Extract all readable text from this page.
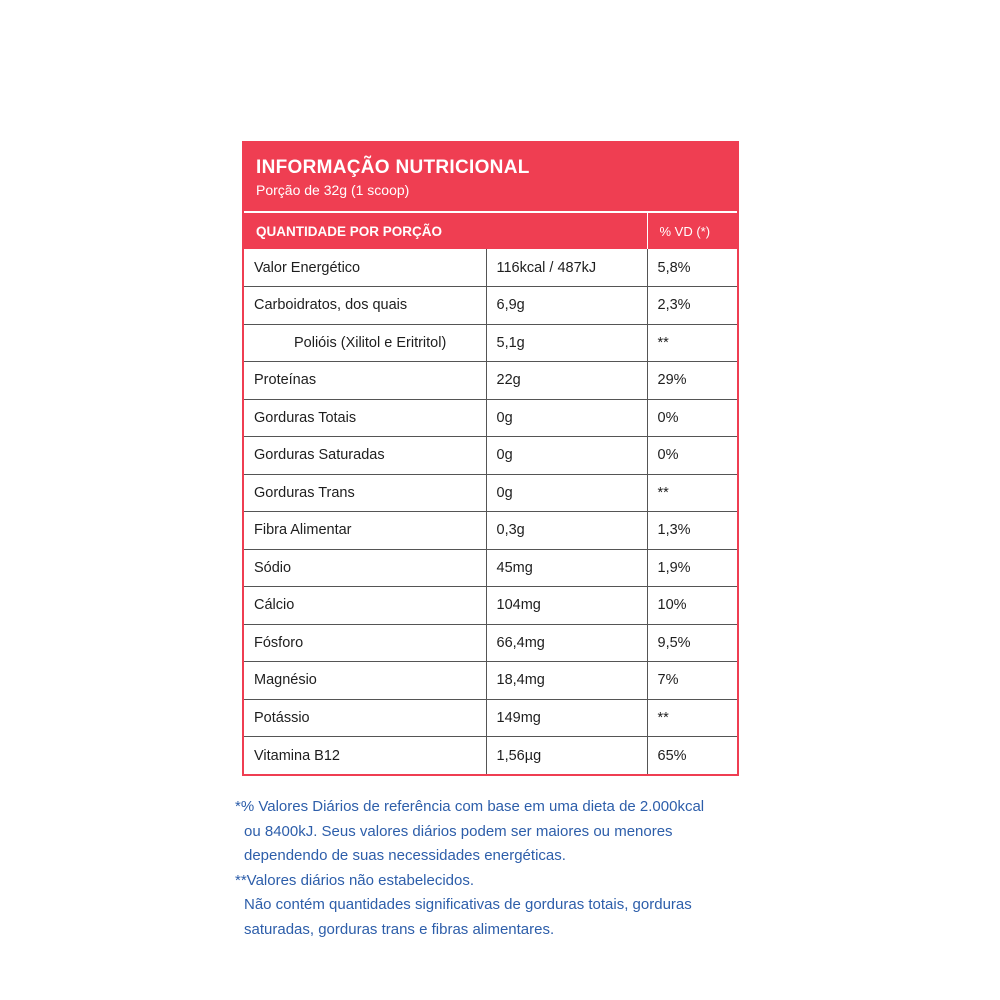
INFORMAÇÃO NUTRICIONAL
Porção de 32g (1 scoop)
QUANTIDADE POR PORÇÃO		% VD (*)
Valor Energético	116kcal / 487kJ	5,8%
Carboidratos, dos quais	6,9g	2,3%
Polióis (Xilitol e Eritritol)	5,1g	**
Proteínas	22g	29%
Gorduras Totais	0g	0%
Gorduras Saturadas	0g	0%
Gorduras Trans	0g	**
Fibra Alimentar	0,3g	1,3%
Sódio	45mg	1,9%
Cálcio	104mg	10%
Fósforo	66,4mg	9,5%
Magnésio	18,4mg	7%
Potássio	149mg	**
Vitamina B12	1,56µg	65%
*% Valores Diários de referência com base em uma dieta de 2.000kcal
ou 8400kJ. Seus valores diários podem ser maiores ou menores
dependendo de suas necessidades energéticas.
**Valores diários não estabelecidos.
Não contém quantidades significativas de gorduras totais, gorduras
saturadas, gorduras trans e fibras alimentares.
